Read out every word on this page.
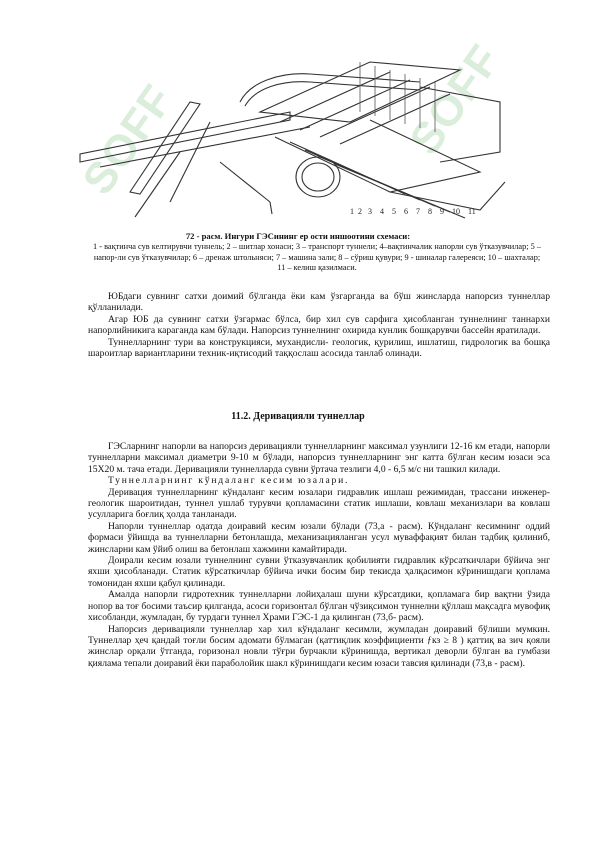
SOFF	SOFF
1 2 3 4 5 6 7 8 9 10 11
72 - расм. Ингури ГЭСининг ер ости иншоотини схемаси:
1 - вақтинча сув келтирувчи туннель; 2 – шитлар хонаси; 3 – транспорт туннели; 4–вақтинчалик напорли сув ўтказувчилар; 5 – напор-ли сув ўтказувчилар; 6 – дренаж штольняси; 7 – машина зали; 8 – сўриш қувури; 9 - шиналар галереяси; 10 – шахталар; 11 – келиш қазилмаси.

ЮБдаги сувнинг сатхи доимий бўлганда ёки кам ўзгарганда ва бўш жинсларда напорсиз туннеллар қўлланилади.

Агар ЮБ да сувнинг сатхи ўзгармас бўлса, бир хил сув сарфига ҳисобланган туннелнинг таннархи напорлийникига караганда кам бўлади. Напорсиз туннелнинг охирида кунлик бошқарувчи бассейн яратилади.

Туннелларнинг тури ва конструкцияси, мухандисли- геологик, қурилиш, ишлатиш, гидрологик ва бошқа шароитлар вариантларини техник-иқтисодий таққослаш асосида танлаб олинади.

11.2. Деривацияли туннеллар

ГЭСларнинг напорли ва напорсиз деривацияли туннелларнинг максимал узунлиги 12-16 км етади, напорли туннелларни максимал диаметри 9-10 м бўлади, напорсиз туннелларнинг энг катта бўлган кесим юзаси эса 15Х20 м. тача етади. Деривацияли туннелларда сувни ўртача тезлиги 4,0 - 6,5 м/с ни ташкил килади.

Туннелларнинг кўндаланг кесим юзалари.

Деривация туннелларнинг кўндаланг кесим юзалари гидравлик ишлаш режимидан, трассани инженер-геологик шароитидан, туннел ушлаб турувчи қопламасини статик ишлаши, ковлаш механизлари ва ковлаш усулларига боғлиқ ҳолда танланади.

Напорли туннеллар одатда доиравий кесим юзали бўлади (73,а - расм). Кўндаланг кесимнинг оддий формаси ўйишда ва туннелларни бетонлашда, механизацияланган усул муваффақият билан тадбиқ қилиниб, жинсларни кам ўйиб олиш ва бетонлаш хажмини камайтиради.

Доирали кесим юзали туннелнинг сувни ўтказувчанлик қобилияти гидравлик кўрсаткичлари бўйича энг яхши ҳисобланади. Статик кўрсаткичлар бўйича ички босим бир текисда ҳалқасимон кўринишдаги қоплама томонидан яхши қабул қилинади.

Амалда напорли гидротехник туннелларни лойиҳалаш шуни кўрсатдики, қопламага бир вақтни ўзида нопор ва тоғ босими таъсир қилганда, асоси горизонтал бўлган чўзиқсимон туннелни қўллаш мақсадга мувофиқ хисобланди, жумладан, бу турдаги туннел Храми ГЭС-1 да қилинган (73,б- расм).

Напорсиз деривацияли туннеллар хар хил кўндаланг кесимли, жумладан доиравий бўлиши мумкин. Туннеллар ҳеч қандай тоғли босим адомати бўлмаган (қаттиқлик коэффициенти ƒкз ≥ 8 ) қаттиқ ва зич қояли жинслар орқали ўтганда, горизонал новли тўғри бурчакли кўринишда, вертикал деворли бўлган ва гумбази қиялама тепали доиравий ёки параболойик шакл кўринишдаги кесим юзаси тавсия қилинади (73,в - расм).
